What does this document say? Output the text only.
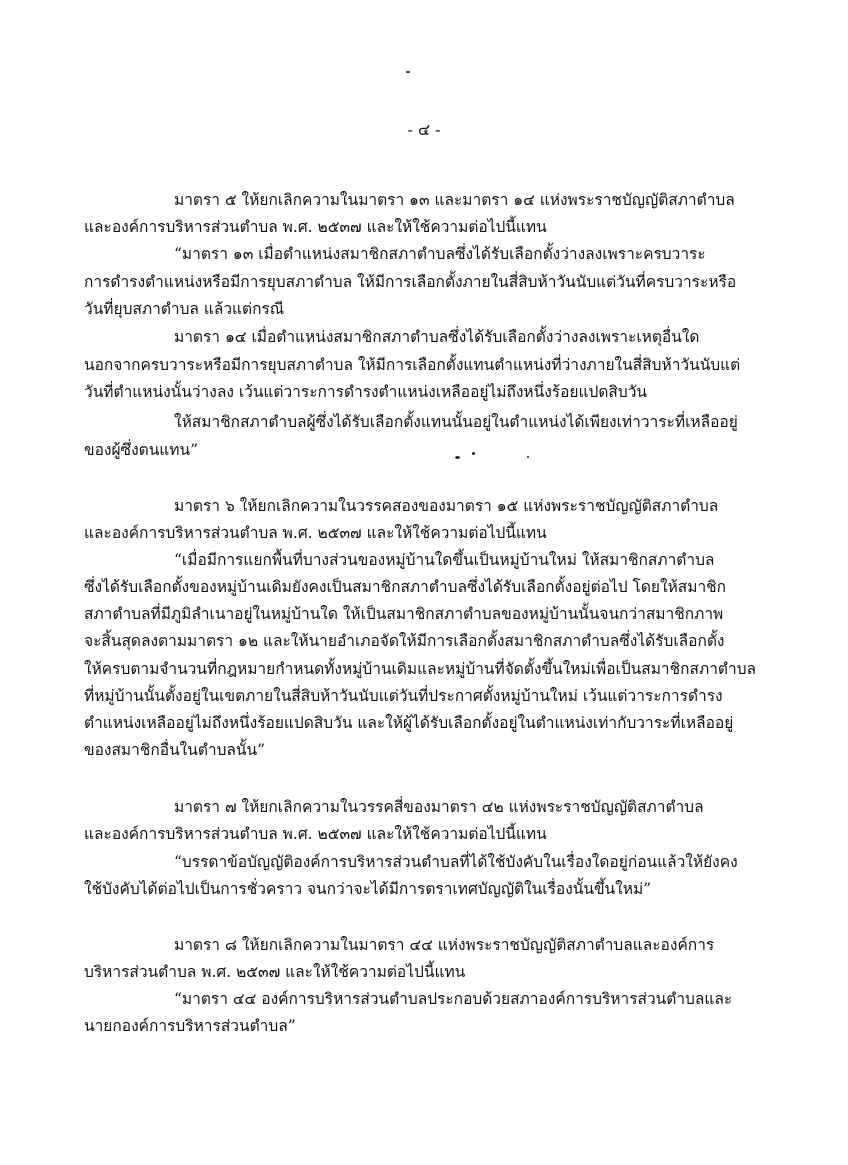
- ๔ -
มาตรา ๕ ให้ยกเลิกความในมาตรา ๑๓ และมาตรา ๑๔ แห่งพระราชบัญญัติสภาตำบล
และองค์การบริหารส่วนตำบล พ.ศ. ๒๕๓๗ และให้ใช้ความต่อไปนี้แทน
“มาตรา ๑๓ เมื่อตำแหน่งสมาชิกสภาตำบลซึ่งได้รับเลือกตั้งว่างลงเพราะครบวาระ
การดำรงตำแหน่งหรือมีการยุบสภาตำบล ให้มีการเลือกตั้งภายในสี่สิบห้าวันนับแต่วันที่ครบวาระหรือ
วันที่ยุบสภาตำบล แล้วแต่กรณี
มาตรา ๑๔ เมื่อตำแหน่งสมาชิกสภาตำบลซึ่งได้รับเลือกตั้งว่างลงเพราะเหตุอื่นใด
นอกจากครบวาระหรือมีการยุบสภาตำบล ให้มีการเลือกตั้งแทนตำแหน่งที่ว่างภายในสี่สิบห้าวันนับแต่
วันที่ตำแหน่งนั้นว่างลง เว้นแต่วาระการดำรงตำแหน่งเหลืออยู่ไม่ถึงหนึ่งร้อยแปดสิบวัน
ให้สมาชิกสภาตำบลผู้ซึ่งได้รับเลือกตั้งแทนนั้นอยู่ในตำแหน่งได้เพียงเท่าวาระที่เหลืออยู่
ของผู้ซึ่งตนแทน”
มาตรา ๖ ให้ยกเลิกความในวรรคสองของมาตรา ๑๕ แห่งพระราชบัญญัติสภาตำบล
และองค์การบริหารส่วนตำบล พ.ศ. ๒๕๓๗ และให้ใช้ความต่อไปนี้แทน
“เมื่อมีการแยกพื้นที่บางส่วนของหมู่บ้านใดขึ้นเป็นหมู่บ้านใหม่ ให้สมาชิกสภาตำบล
ซึ่งได้รับเลือกตั้งของหมู่บ้านเดิมยังคงเป็นสมาชิกสภาตำบลซึ่งได้รับเลือกตั้งอยู่ต่อไป โดยให้สมาชิก
สภาตำบลที่มีภูมิลำเนาอยู่ในหมู่บ้านใด ให้เป็นสมาชิกสภาตำบลของหมู่บ้านนั้นจนกว่าสมาชิกภาพ
จะสิ้นสุดลงตามมาตรา ๑๒ และให้นายอำเภอจัดให้มีการเลือกตั้งสมาชิกสภาตำบลซึ่งได้รับเลือกตั้ง
ให้ครบตามจำนวนที่กฎหมายกำหนดทั้งหมู่บ้านเดิมและหมู่บ้านที่จัดตั้งขึ้นใหม่เพื่อเป็นสมาชิกสภาตำบล
ที่หมู่บ้านนั้นตั้งอยู่ในเขตภายในสี่สิบห้าวันนับแต่วันที่ประกาศตั้งหมู่บ้านใหม่ เว้นแต่วาระการดำรง
ตำแหน่งเหลืออยู่ไม่ถึงหนึ่งร้อยแปดสิบวัน และให้ผู้ได้รับเลือกตั้งอยู่ในตำแหน่งเท่ากับวาระที่เหลืออยู่
ของสมาชิกอื่นในตำบลนั้น”
มาตรา ๗ ให้ยกเลิกความในวรรคสี่ของมาตรา ๔๒ แห่งพระราชบัญญัติสภาตำบล
และองค์การบริหารส่วนตำบล พ.ศ. ๒๕๓๗ และให้ใช้ความต่อไปนี้แทน
“บรรดาข้อบัญญัติองค์การบริหารส่วนตำบลที่ได้ใช้บังคับในเรื่องใดอยู่ก่อนแล้วให้ยังคง
ใช้บังคับได้ต่อไปเป็นการชั่วคราว จนกว่าจะได้มีการตราเทศบัญญัติในเรื่องนั้นขึ้นใหม่”
มาตรา ๘ ให้ยกเลิกความในมาตรา ๔๔ แห่งพระราชบัญญัติสภาตำบลและองค์การ
บริหารส่วนตำบล พ.ศ. ๒๕๓๗ และให้ใช้ความต่อไปนี้แทน
“มาตรา ๔๔ องค์การบริหารส่วนตำบลประกอบด้วยสภาองค์การบริหารส่วนตำบลและ
นายกองค์การบริหารส่วนตำบล”
